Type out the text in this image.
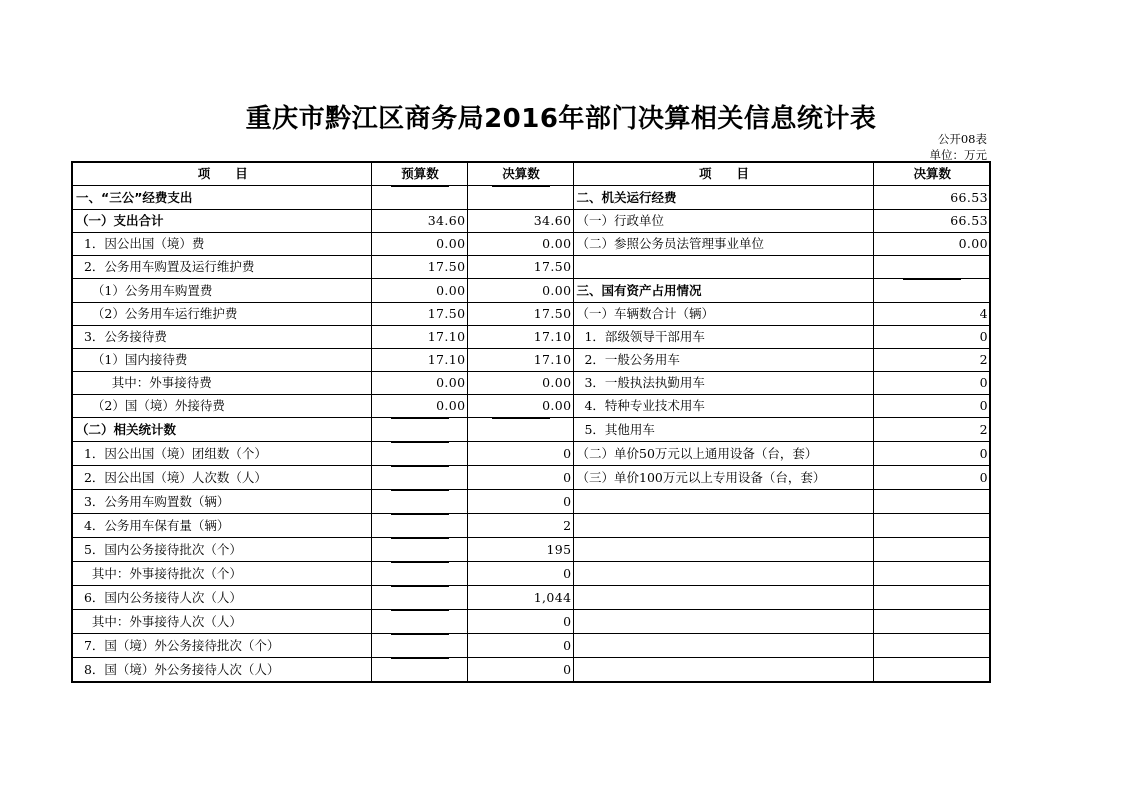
重庆市黔江区商务局2016年部门决算相关信息统计表
公开08表
单位：万元
项　　目	预算数	决算数	项　　目	决算数
一、“三公”经费支出			二、机关运行经费	66.53
（一）支出合计	34.60	34.60	（一）行政单位	66.53
1．因公出国（境）费	0.00	0.00	（二）参照公务员法管理事业单位	0.00
2．公务用车购置及运行维护费	17.50	17.50		
（1）公务用车购置费	0.00	0.00	三、国有资产占用情况	
（2）公务用车运行维护费	17.50	17.50	（一）车辆数合计（辆）	4
3．公务接待费	17.10	17.10	1．部级领导干部用车	0
（1）国内接待费	17.10	17.10	2．一般公务用车	2
其中：外事接待费	0.00	0.00	3．一般执法执勤用车	0
（2）国（境）外接待费	0.00	0.00	4．特种专业技术用车	0
（二）相关统计数			5．其他用车	2
1．因公出国（境）团组数（个）		0	（二）单价50万元以上通用设备（台，套）	0
2．因公出国（境）人次数（人）		0	（三）单价100万元以上专用设备（台，套）	0
3．公务用车购置数（辆）		0		
4．公务用车保有量（辆）		2		
5．国内公务接待批次（个）		195		
其中：外事接待批次（个）		0		
6．国内公务接待人次（人）		1,044		
其中：外事接待人次（人）		0		
7．国（境）外公务接待批次（个）		0		
8．国（境）外公务接待人次（人）		0		
